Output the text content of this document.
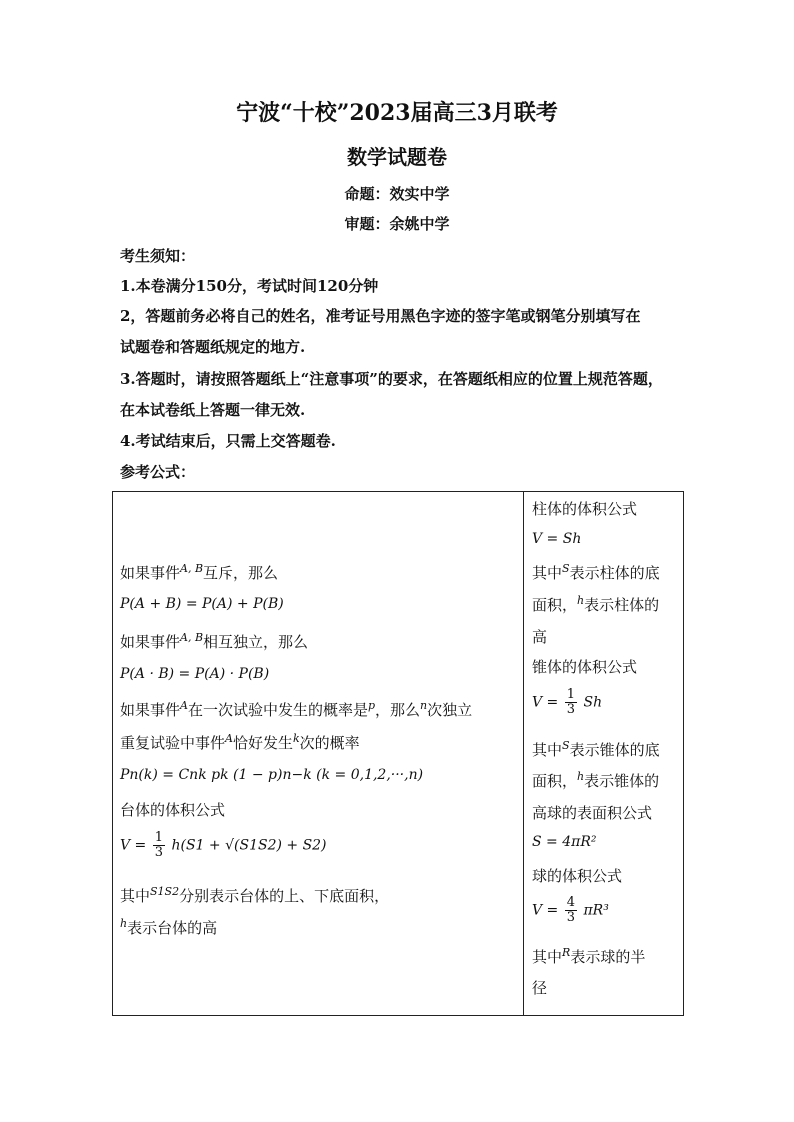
宁波“十校”2023届高三3月联考
数学试题卷
命题：效实中学
审题：余姚中学
考生须知：
1.本卷满分150分，考试时间120分钟
2，答题前务必将自己的姓名，准考证号用黑色字迹的签字笔或钢笔分别填写在
试题卷和答题纸规定的地方.
3.答题时，请按照答题纸上“注意事项”的要求，在答题纸相应的位置上规范答题，
在本试卷纸上答题一律无效.
4.考试结束后，只需上交答题卷.
参考公式：
如果事件$^{A, B}$互斥，那么
P(A + B) = P(A) + P(B)
如果事件$^{A, B}$相互独立，那么
P(A · B) = P(A) · P(B)
如果事件$^A$在一次试验中发生的概率是$^p$，那么$^n$次独立
重复试验中事件$^A$恰好发生$^k$次的概率
Pn(k) = Cnk pk (1 − p)n−k (k = 0,1,2,···,n)
台体的体积公式
$V = \frac{1}{3} h(S1 + √(S1S2) + S2)$
其中$^{S1S2}$分别表示台体的上、下底面积，
$^h$表示台体的高

柱体的体积公式
V = Sh
其中$^S$表示柱体的底
面积，$^h$表示柱体的
高
锥体的体积公式
$V = \frac{1}{3}$ Sh
其中$^S$表示锥体的底
面积，$^h$表示锥体的
高球的表面积公式
S = 4πR²
球的体积公式
$V = \frac{4}{3} \pi R^3$
其中$^R$表示球的半
径
